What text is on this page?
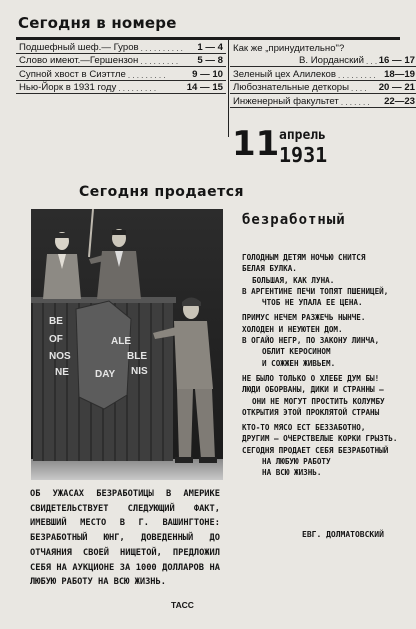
Сегодня в номере
Подшефный шеф.— Гуров . . . . . . . . . .	1 — 4
Слово имеют.—Гершензон . . . . . . . . .	5 — 8
Супной хвост в Сиэттле . . . . . . . . .	9 — 10
Нью-Йорк в 1931 году . . . . . . . . .	14 — 15
Как же „принудительно"?
В. Иорданский . . . 16 — 17
Зеленый цех Алилеков . . . . . . . . . 18—19
Любознательные деткоры . . . .	20 — 21
Инженерный факультет . . . . . . .	22—23
11 апрель
1931
Сегодня продается
безработный
BE
OF
NOS
NE
ALE
BLE
DAY NIS
ГОЛОДНЫМ ДЕТЯМ НОЧЬЮ СНИТСЯ
БЕЛАЯ БУЛКА.
БОЛЬШАЯ, КАК ЛУНА.
В АРГЕНТИНЕ ПЕЧИ ТОПЯТ ПШЕНИЦЕЙ,
ЧТОБ НЕ УПАЛА ЕЕ ЦЕНА.
ПРИМУС НЕЧЕМ РАЗЖЕЧЬ НЫНЧЕ.
ХОЛОДЕН И НЕУЮТЕН ДОМ.
В ОГАЙО НЕГР, ПО ЗАКОНУ ЛИНЧА,
ОБЛИТ КЕРОСИНОМ
И СОЖЖЕН ЖИВЬЕМ.
НЕ БЫЛО ТОЛЬКО О ХЛЕБЕ ДУМ БЫ!
ЛЮДИ ОБОРВАНЫ, ДИКИ И СТРАННЫ —
ОНИ НЕ МОГУТ ПРОСТИТЬ КОЛУМБУ
ОТКРЫТИЯ ЭТОЙ ПРОКЛЯТОЙ СТРАНЫ
КТО-ТО МЯСО ЕСТ БЕЗЗАБОТНО,
ДРУГИМ — ОЧЕРСТВЕЛЫЕ КОРКИ ГРЫЗТЬ.
СЕГОДНЯ ПРОДАЕТ СЕБЯ БЕЗРАБОТНЫЙ
НА ЛЮБУЮ РАБОТУ
НА ВСЮ ЖИЗНЬ.
ЕВГ. ДОЛМАТОВСКИЙ
ОБ УЖАСАХ БЕЗРАБОТИЦЫ В АМЕРИКЕ СВИДЕТЕЛЬСТВУЕТ СЛЕДУЮЩИЙ ФАКТ, ИМЕВШИЙ МЕСТО В Г. ВАШИНГТОНЕ: БЕЗРАБОТНЫЙ ЮНГ, ДОВЕДЕННЫЙ ДО ОТЧАЯНИЯ СВОЕЙ НИЩЕТОЙ, ПРЕДЛОЖИЛ СЕБЯ НА АУКЦИОНЕ ЗА 1000 ДОЛЛАРОВ НА ЛЮБУЮ РАБОТУ НА ВСЮ ЖИЗНЬ.
ТАСС
